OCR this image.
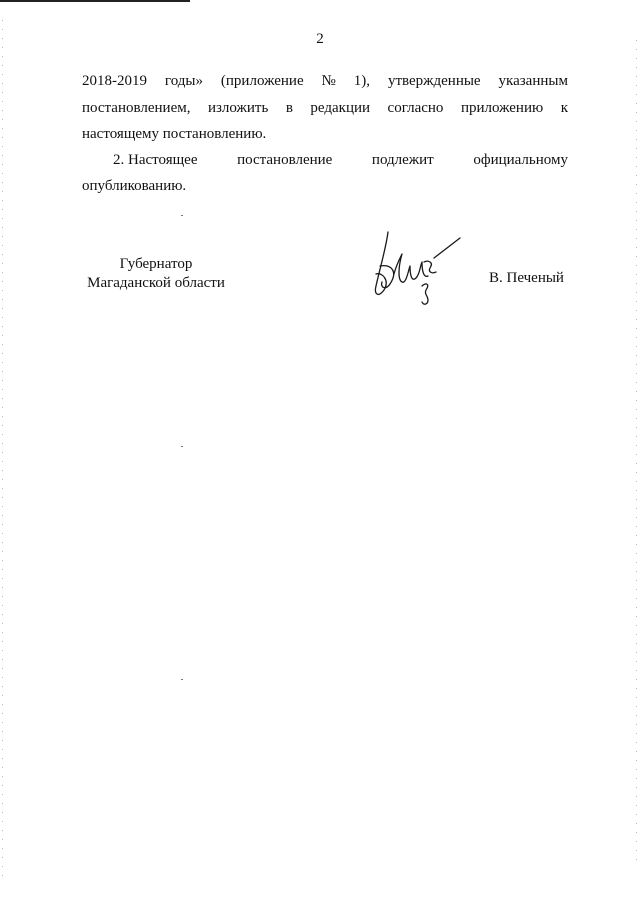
2
2018-2019 годы» (приложение № 1), утвержденные указанным
постановлением, изложить в редакции согласно приложению к
настоящему постановлению.
2. Настоящее	постановление	подлежит	официальному
опубликованию.
Губернатор
Магаданской области	В. Печеный
